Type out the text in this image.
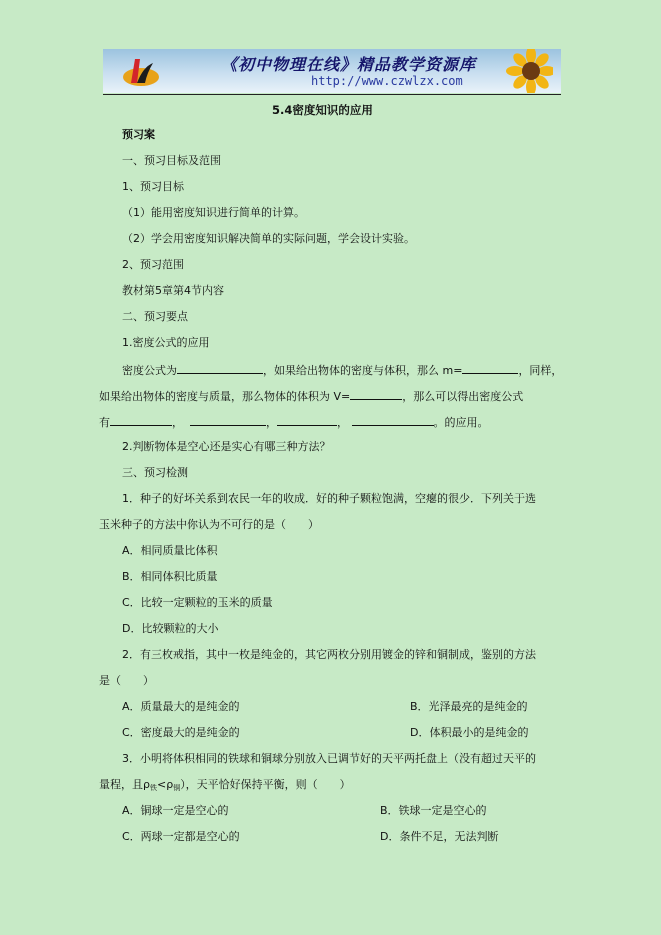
《初中物理在线》精品教学资源库
http://www.czwlzx.com
5.4密度知识的应用
预习案
一、预习目标及范围
1、预习目标
（1）能用密度知识进行简单的计算。
（2）学会用密度知识解决简单的实际问题，学会设计实验。
2、预习范围
教材第5章第4节内容
二、预习要点
1.密度公式的应用
密度公式为	，如果给出物体的密度与体积，那么 m=	，同样，
如果给出物体的密度与质量，那么物体的体积为 V=	，那么可以得出密度公式
有	，	，	，	。的应用。
2.判断物体是空心还是实心有哪三种方法？
三、预习检测
1．种子的好坏关系到农民一年的收成．好的种子颗粒饱满，空瘪的很少．下列关于选
玉米种子的方法中你认为不可行的是（　　）
A．相同质量比体积
B．相同体积比质量
C．比较一定颗粒的玉米的质量
D．比较颗粒的大小
2．有三枚戒指，其中一枚是纯金的，其它两枚分别用镀金的锌和铜制成，鉴别的方法
是（　　）
A．质量最大的是纯金的	B．光泽最亮的是纯金的
C．密度最大的是纯金的	D．体积最小的是纯金的
3．小明将体积相同的铁球和铜球分别放入已调节好的天平两托盘上（没有超过天平的
量程，且$\rho_铁<\rho_铜$），天平恰好保持平衡，则（　　）
A．铜球一定是空心的	B．铁球一定是空心的
C．两球一定都是空心的	D．条件不足，无法判断
